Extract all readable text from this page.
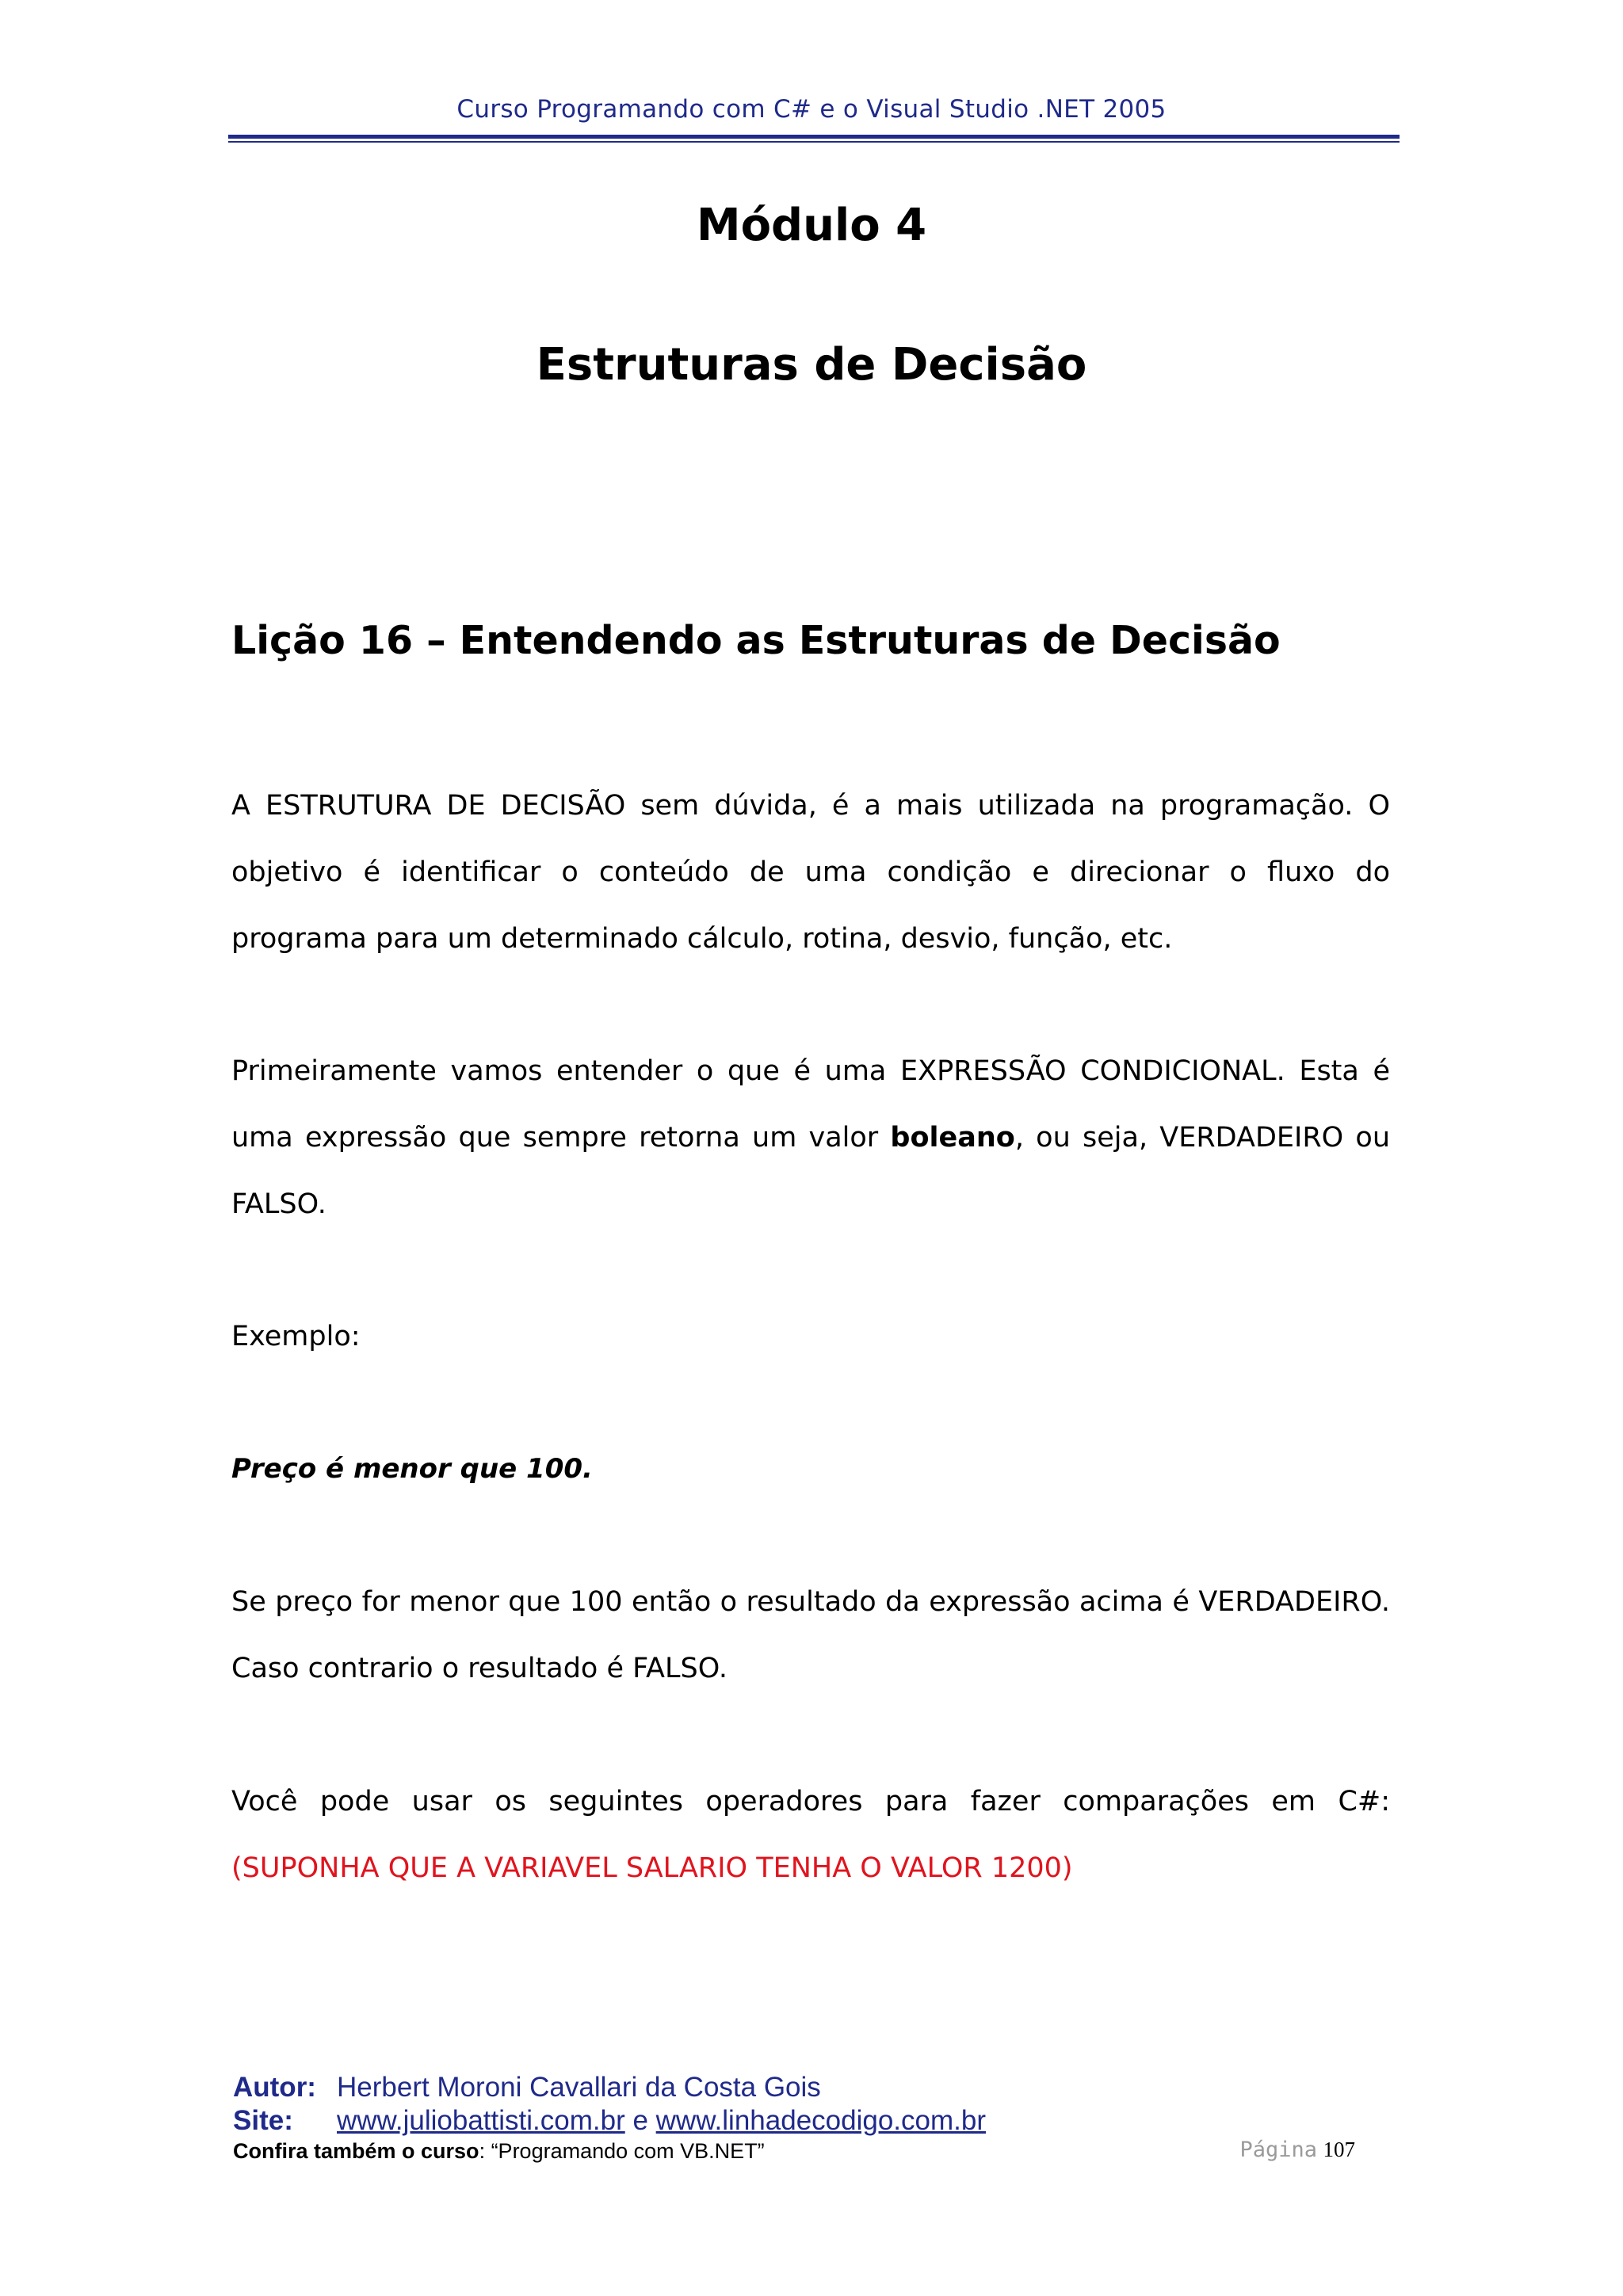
Curso Programando com C# e o Visual Studio .NET 2005
Módulo 4
Estruturas de Decisão
Lição 16 – Entendendo as Estruturas de Decisão
A ESTRUTURA DE DECISÃO sem dúvida, é a mais utilizada na programação. O objetivo é identificar o conteúdo de uma condição e direcionar o fluxo do programa para um determinado cálculo, rotina, desvio, função, etc.
Primeiramente vamos entender o que é uma EXPRESSÃO CONDICIONAL. Esta é uma expressão que sempre retorna um valor boleano, ou seja, VERDADEIRO ou FALSO.
Exemplo:
Preço é menor que 100.
Se preço for menor que 100 então o resultado da expressão acima é VERDADEIRO. Caso contrario o resultado é FALSO.
Você pode usar os seguintes operadores para fazer comparações em C#:
(SUPONHA QUE A VARIAVEL SALARIO TENHA O VALOR 1200)
Autor: Herbert Moroni Cavallari da Costa Gois
Site: www.juliobattisti.com.br e www.linhadecodigo.com.br
Confira também o curso: “Programando com VB.NET”	Página 107
